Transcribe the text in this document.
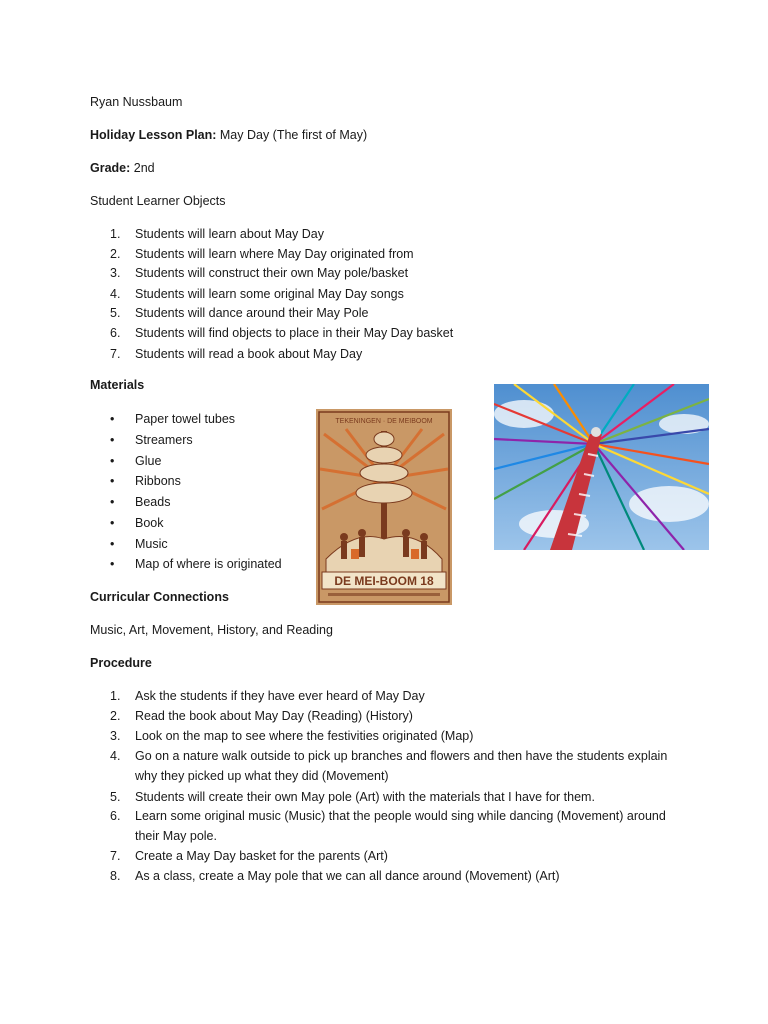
Ryan Nussbaum
Holiday Lesson Plan: May Day (The first of May)
Grade: 2nd
Student Learner Objects
1. Students will learn about May Day
2. Students will learn where May Day originated from
3. Students will construct their own May pole/basket
4. Students will learn some original May Day songs
5. Students will dance around their May Pole
6. Students will find objects to place in their May Day basket
7. Students will read a book about May Day
Materials
• Paper towel tubes
• Streamers
• Glue
• Ribbons
• Beads
• Book
• Music
• Map of where is originated
TEKENINGEN · DE MEIBOOM
DE MEI-BOOM 18
Curricular Connections
Music, Art, Movement, History, and Reading
Procedure
1. Ask the students if they have ever heard of May Day
2. Read the book about May Day (Reading) (History)
3. Look on the map to see where the festivities originated (Map)
4.	Go on a nature walk outside to pick up branches and flowers and then have the students explain why they picked up what they did (Movement)
5. Students will create their own May pole (Art) with the materials that I have for them.
6.	Learn some original music (Music) that the people would sing while dancing (Movement) around their May pole.
7. Create a May Day basket for the parents (Art)
8. As a class, create a May pole that we can all dance around (Movement) (Art)
